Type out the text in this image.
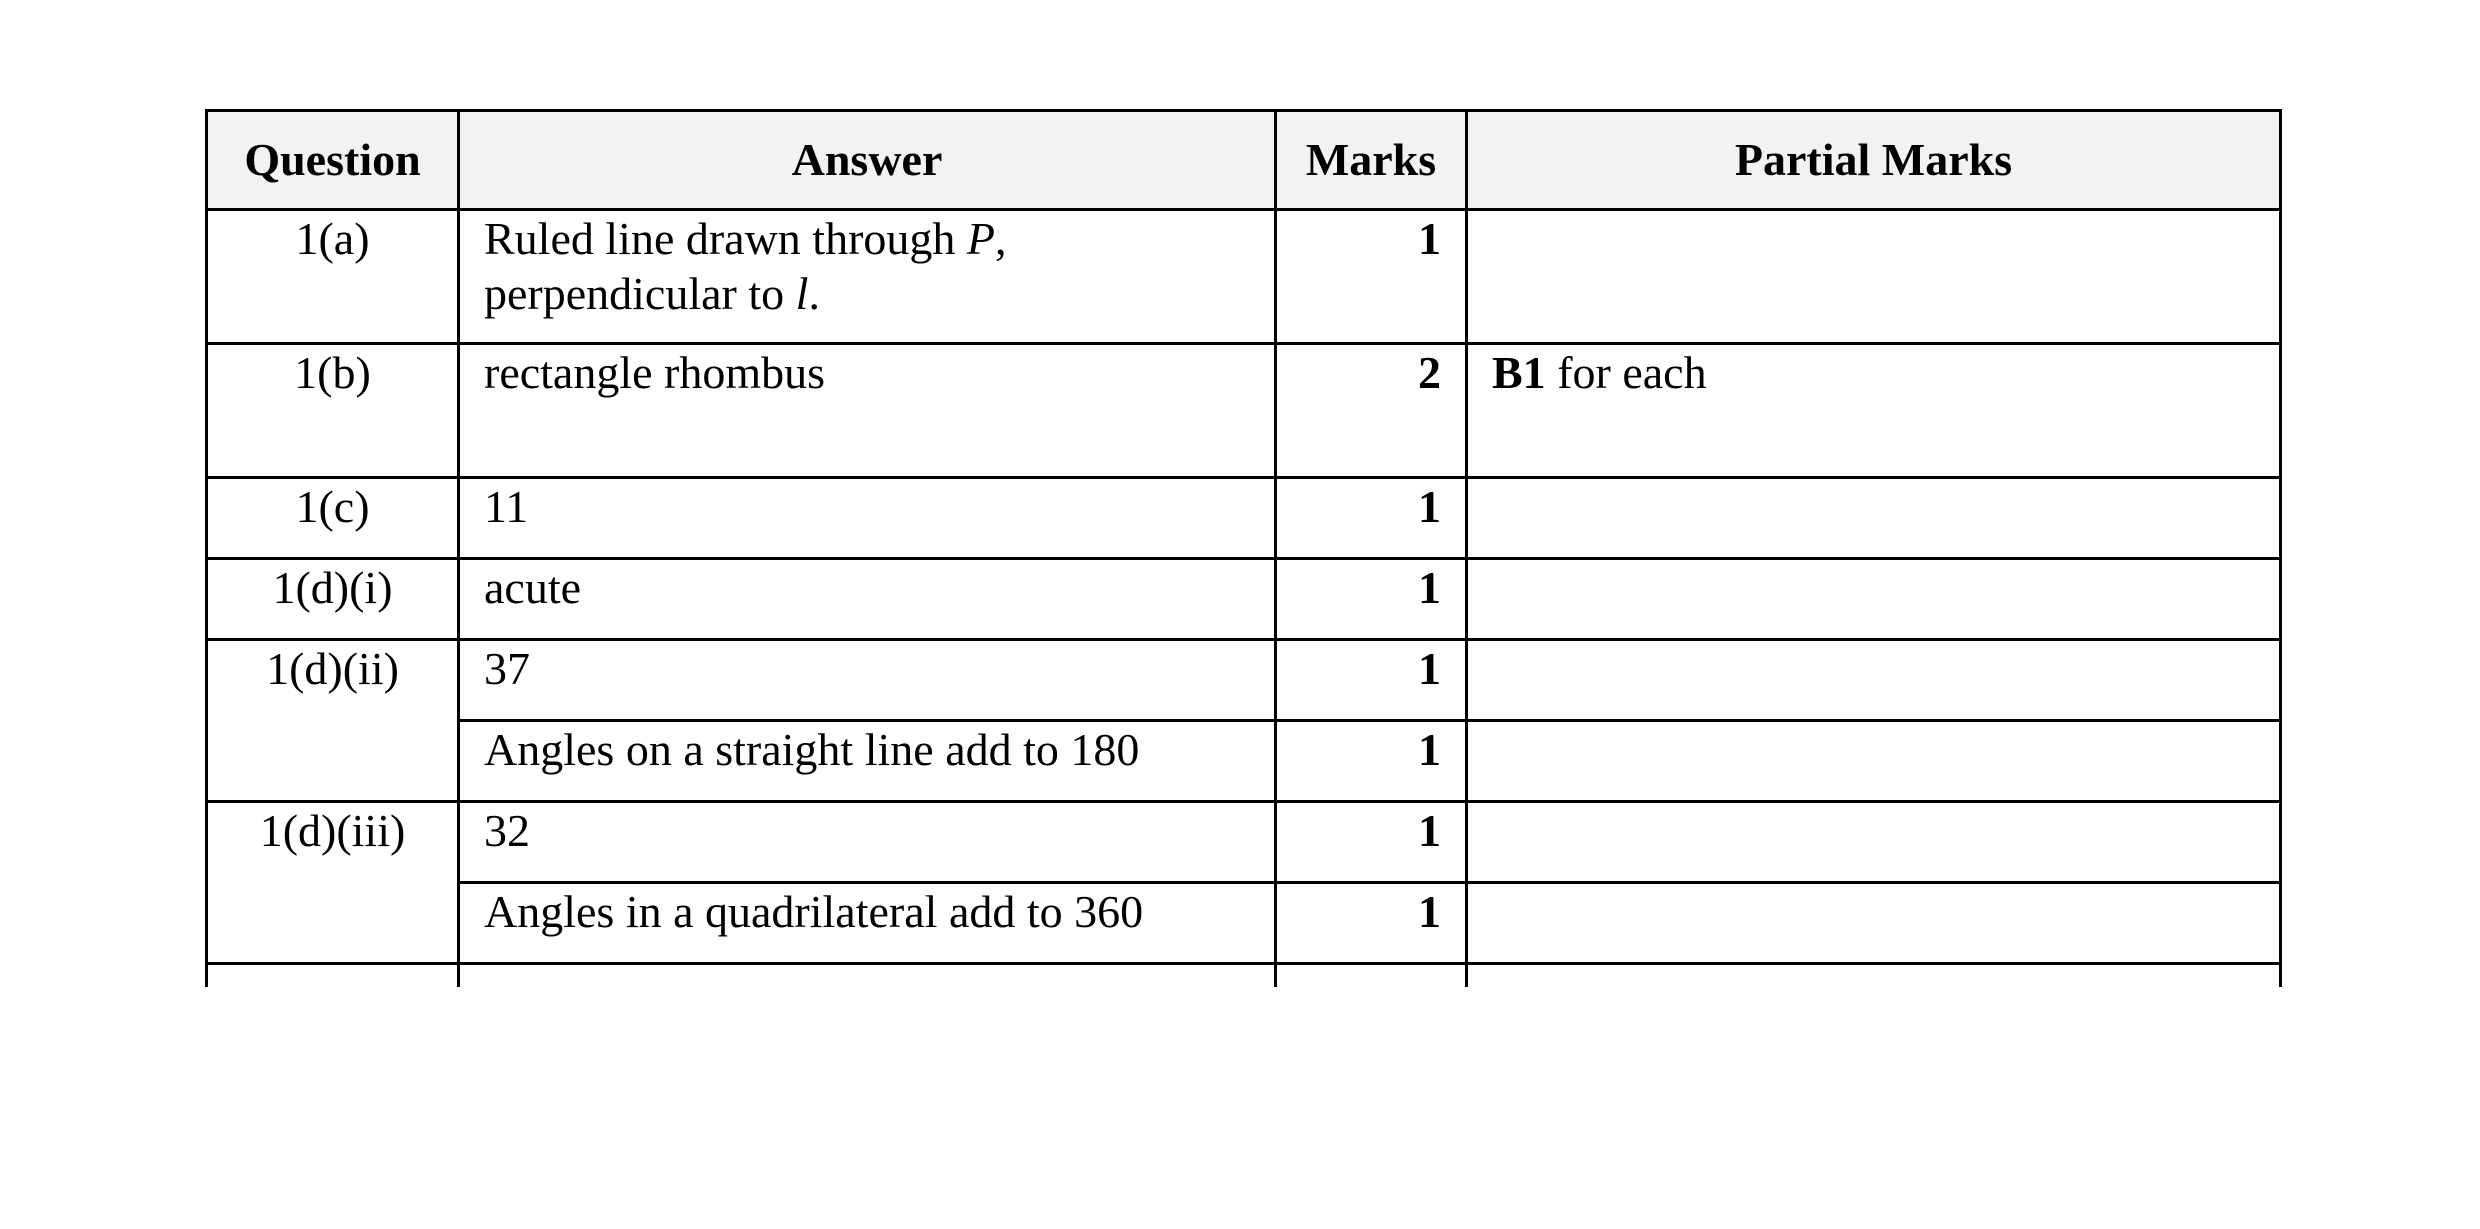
Question	Answer	Marks	Partial Marks
1(a)	Ruled line drawn through P,
perpendicular to l.	1	
1(b)	rectangle rhombus	2	B1 for each
1(c)	11	1	
1(d)(i)	acute	1	
1(d)(ii)	37	1	
	Angles on a straight line add to 180	1	
1(d)(iii)	32	1	
	Angles in a quadrilateral add to 360	1	
